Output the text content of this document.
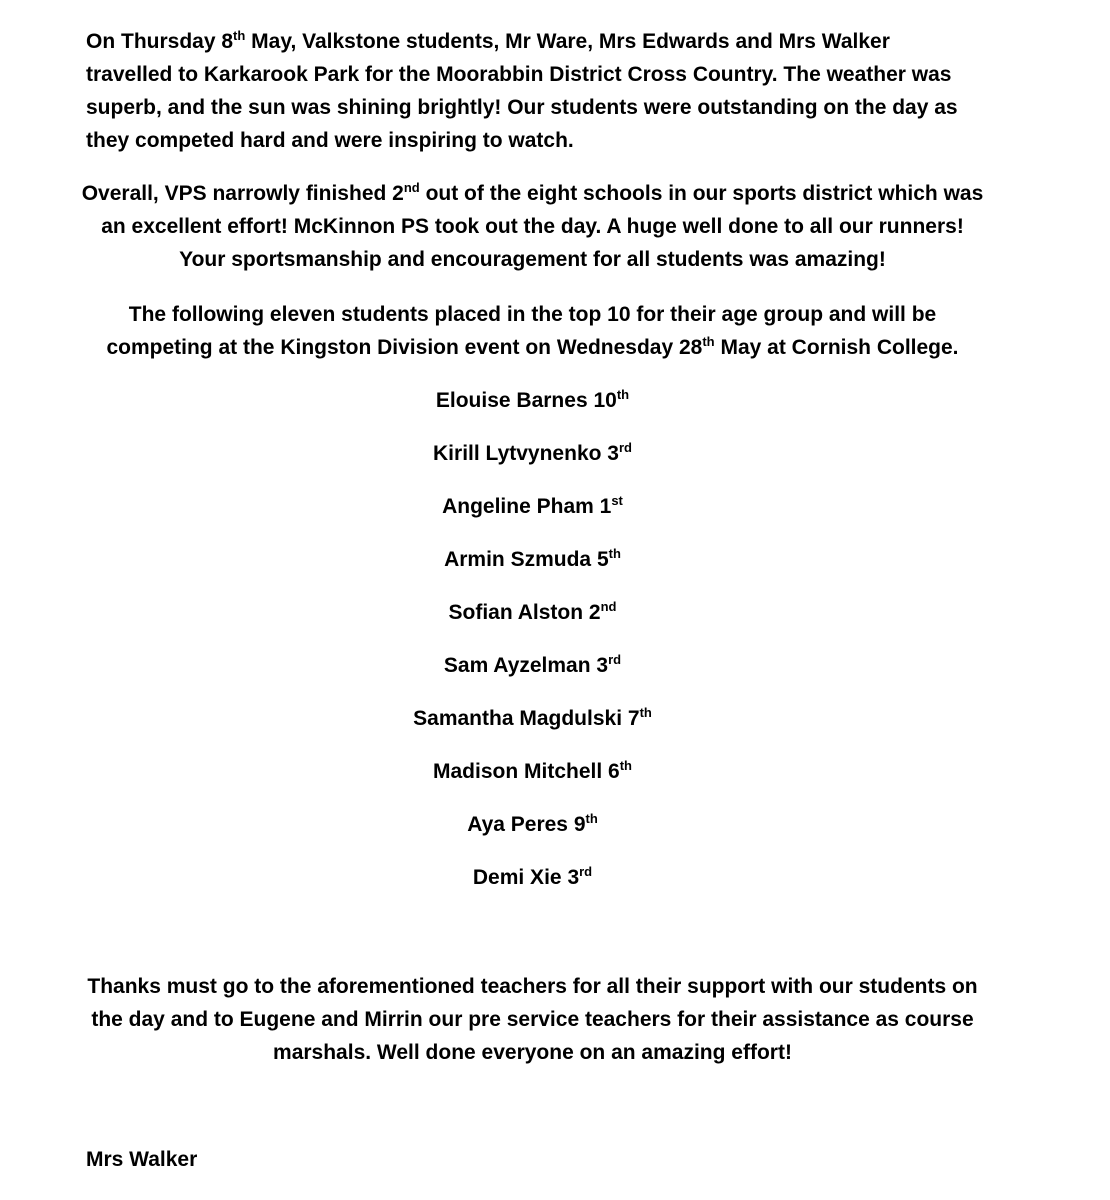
On Thursday 8th May, Valkstone students, Mr Ware, Mrs Edwards and Mrs Walker
travelled to Karkarook Park for the Moorabbin District Cross Country. The weather was
superb, and the sun was shining brightly! Our students were outstanding on the day as
they competed hard and were inspiring to watch.

Overall, VPS narrowly finished 2nd out of the eight schools in our sports district which was
an excellent effort! McKinnon PS took out the day. A huge well done to all our runners!
Your sportsmanship and encouragement for all students was amazing!

The following eleven students placed in the top 10 for their age group and will be
competing at the Kingston Division event on Wednesday 28th May at Cornish College.

Elouise Barnes 10th
Kirill Lytvynenko 3rd
Angeline Pham 1st
Armin Szmuda 5th
Sofian Alston 2nd
Sam Ayzelman 3rd
Samantha Magdulski 7th
Madison Mitchell 6th
Aya Peres 9th
Demi Xie 3rd

Thanks must go to the aforementioned teachers for all their support with our students on
the day and to Eugene and Mirrin our pre service teachers for their assistance as course
marshals. Well done everyone on an amazing effort!

Mrs Walker
